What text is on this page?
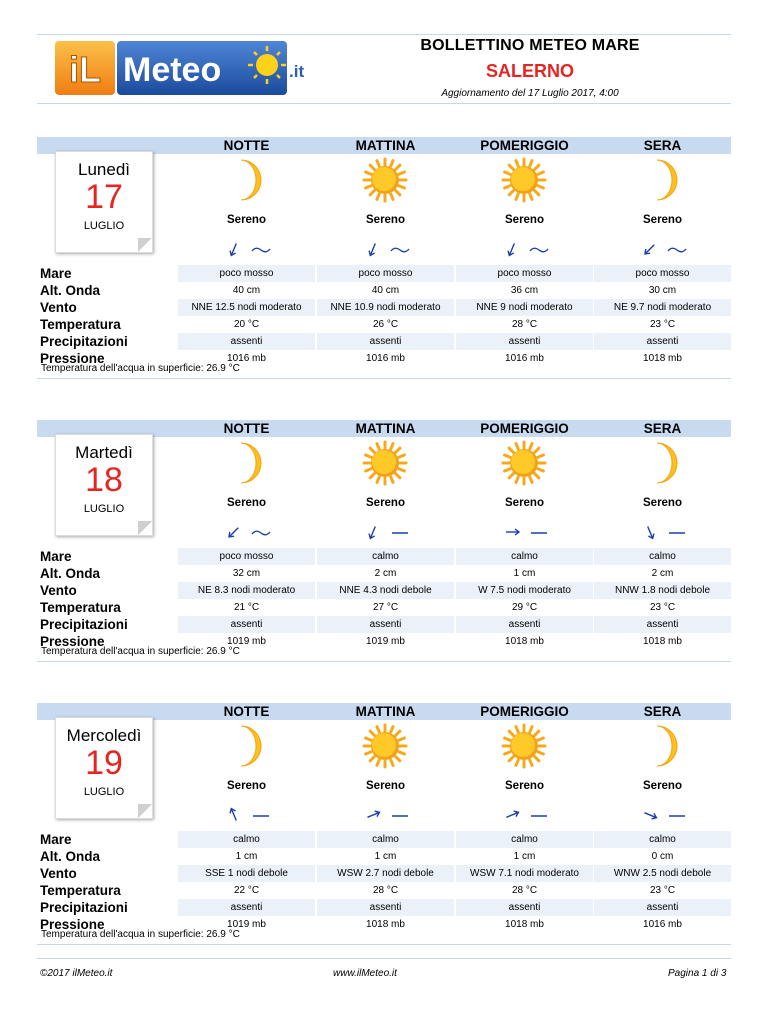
iL Meteo	.it
BOLLETTINO METEO MARE
SALERNO
Aggiornamento del 17 Luglio 2017, 4:00
NOTTE	MATTINA	POMERIGGIO	SERA
Lunedì
17
LUGLIO	Sereno	Sereno	Sereno	Sereno
Mare	poco mosso	poco mosso	poco mosso	poco mosso
Alt. Onda	40 cm	40 cm	36 cm	30 cm
Vento	NNE 12.5 nodi moderato	NNE 10.9 nodi moderato	NNE 9 nodi moderato	NE 9.7 nodi moderato
Temperatura	20 °C	26 °C	28 °C	23 °C
Precipitazioni	assenti	assenti	assenti	assenti
Pressione	1016 mb	1016 mb	1016 mb	1018 mb
Temperatura dell'acqua in superficie: 26.9 °C
NOTTE	MATTINA	POMERIGGIO	SERA
Martedì
18
LUGLIO	Sereno	Sereno	Sereno	Sereno
Mare	poco mosso	calmo	calmo	calmo
Alt. Onda	32 cm	2 cm	1 cm	2 cm
Vento	NE 8.3 nodi moderato	NNE 4.3 nodi debole	W 7.5 nodi moderato	NNW 1.8 nodi debole
Temperatura	21 °C	27 °C	29 °C	23 °C
Precipitazioni	assenti	assenti	assenti	assenti
Pressione	1019 mb	1019 mb	1018 mb	1018 mb
Temperatura dell'acqua in superficie: 26.9 °C
NOTTE	MATTINA	POMERIGGIO	SERA
Mercoledì
19
LUGLIO	Sereno	Sereno	Sereno	Sereno
Mare	calmo	calmo	calmo	calmo
Alt. Onda	1 cm	1 cm	1 cm	0 cm
Vento	SSE 1 nodi debole	WSW 2.7 nodi debole	WSW 7.1 nodi moderato	WNW 2.5 nodi debole
Temperatura	22 °C	28 °C	28 °C	23 °C
Precipitazioni	assenti	assenti	assenti	assenti
Pressione	1019 mb	1018 mb	1018 mb	1016 mb
Temperatura dell'acqua in superficie: 26.9 °C
©2017 ilMeteo.it	www.ilMeteo.it	Pagina 1 di 3
